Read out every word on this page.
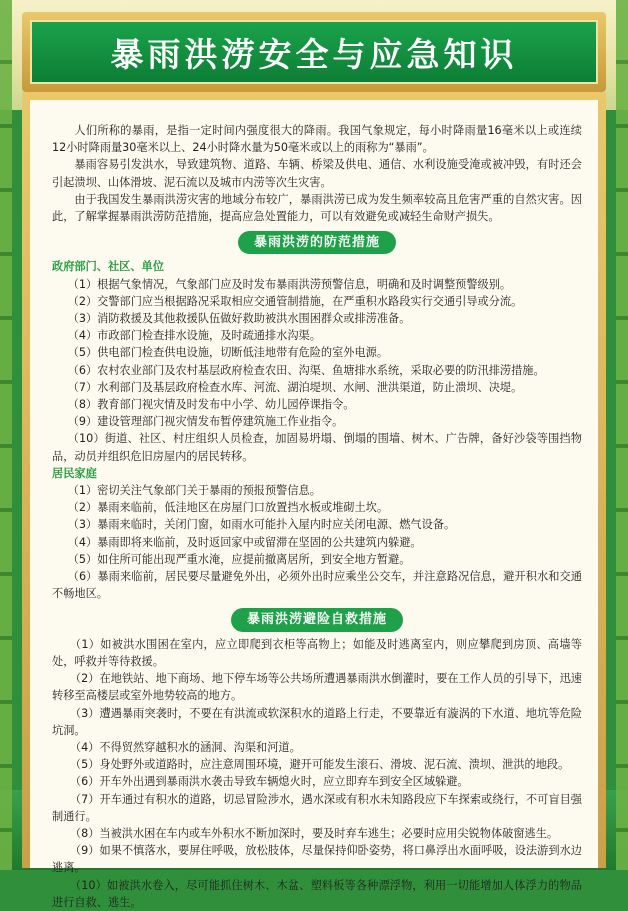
暴雨洪涝安全与应急知识

人们所称的暴雨，是指一定时间内强度很大的降雨。我国气象规定，每小时降雨量16毫米以上或连续12小时降雨量30毫米以上、24小时降水量为50毫米或以上的雨称为“暴雨”。

暴雨容易引发洪水，导致建筑物、道路、车辆、桥梁及供电、通信、水利设施受淹或被冲毁，有时还会引起溃坝、山体滑坡、泥石流以及城市内涝等次生灾害。

由于我国发生暴雨洪涝灾害的地域分布较广，暴雨洪涝已成为发生频率较高且危害严重的自然灾害。因此，了解掌握暴雨洪涝防范措施，提高应急处置能力，可以有效避免或减轻生命财产损失。

暴雨洪涝的防范措施

政府部门、社区、单位

（1）根据气象情况，气象部门应及时发布暴雨洪涝预警信息，明确和及时调整预警级别。

（2）交警部门应当根据路况采取相应交通管制措施，在严重积水路段实行交通引导或分流。

（3）消防救援及其他救援队伍做好救助被洪水围困群众或排涝准备。

（4）市政部门检查排水设施，及时疏通排水沟渠。

（5）供电部门检查供电设施，切断低洼地带有危险的室外电源。

（6）农村农业部门及农村基层政府检查农田、沟渠、鱼塘排水系统，采取必要的防汛排涝措施。

（7）水利部门及基层政府检查水库、河流、湖泊堤坝、水闸、泄洪渠道，防止溃坝、决堤。

（8）教育部门视灾情及时发布中小学、幼儿园停课指令。

（9）建设管理部门视灾情发布暂停建筑施工作业指令。

（10）街道、社区、村庄组织人员检查，加固易坍塌、倒塌的围墙、树木、广告牌，备好沙袋等围挡物品，动员并组织危旧房屋内的居民转移。

居民家庭

（1）密切关注气象部门关于暴雨的预报预警信息。

（2）暴雨来临前，低洼地区在房屋门口放置挡水板或堆砌土坎。

（3）暴雨来临时，关闭门窗，如雨水可能扑入屋内时应关闭电源、燃气设备。

（4）暴雨即将来临前，及时返回家中或留滞在坚固的公共建筑内躲避。

（5）如住所可能出现严重水淹，应提前撤离居所，到安全地方暂避。

（6）暴雨来临前，居民要尽量避免外出，必须外出时应乘坐公交车，并注意路况信息，避开积水和交通不畅地区。

暴雨洪涝避险自救措施

（1）如被洪水围困在室内，应立即爬到衣柜等高物上；如能及时逃离室内，则应攀爬到房顶、高墙等处，呼救并等待救援。

（2）在地铁站、地下商场、地下停车场等公共场所遭遇暴雨洪水倒灌时，要在工作人员的引导下，迅速转移至高楼层或室外地势较高的地方。

（3）遭遇暴雨突袭时，不要在有洪流或软深积水的道路上行走，不要靠近有漩涡的下水道、地坑等危险坑洞。

（4）不得贸然穿越积水的涵洞、沟渠和河道。

（5）身处野外或道路时，应注意周围环境，避开可能发生滚石、滑坡、泥石流、溃坝、泄洪的地段。

（6）开车外出遇到暴雨洪水袭击导致车辆熄火时，应立即弃车到安全区域躲避。

（7）开车通过有积水的道路，切忌冒险涉水，遇水深或有积水未知路段应下车探索或绕行，不可盲目强制通行。

（8）当被洪水困在车内或车外积水不断加深时，要及时弃车逃生；必要时应用尖锐物体破窗逃生。

（9）如果不慎落水，要屏住呼吸，放松肢体，尽量保持仰卧姿势，将口鼻浮出水面呼吸，设法游到水边逃离。

（10）如被洪水卷入，尽可能抓住树木、木盆、塑料板等各种漂浮物，利用一切能增加人体浮力的物品进行自救、逃生。
